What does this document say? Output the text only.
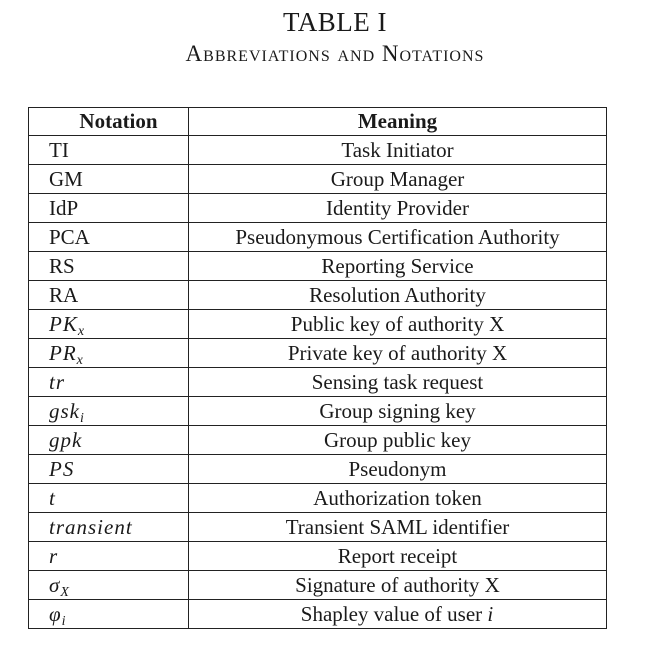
TABLE I
Abbreviations and Notations
Notation	Meaning
TI	Task Initiator
GM	Group Manager
IdP	Identity Provider
PCA	Pseudonymous Certification Authority
RS	Reporting Service
RA	Resolution Authority
$PK_x$	Public key of authority X
$PR_x$	Private key of authority X
tr	Sensing task request
gsk$_i$	Group signing key
gpk	Group public key
PS	Pseudonym
t	Authorization token
transient	Transient SAML identifier
r	Report receipt
$\sigma_X$	Signature of authority X
$\varphi_i$	Shapley value of user i
